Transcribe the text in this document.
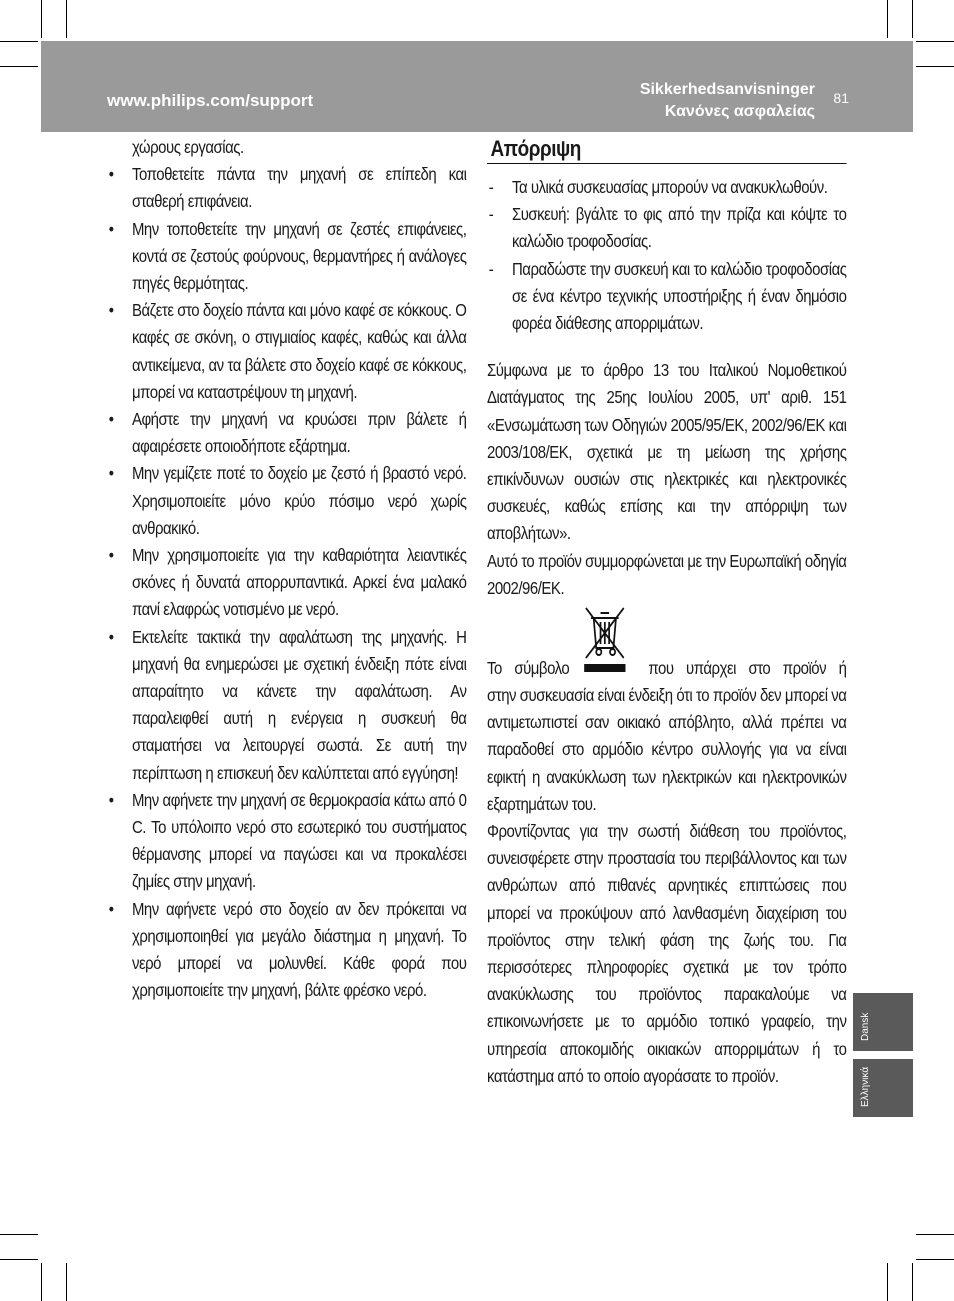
www.philips.com/support
Sikkerhedsanvisninger
Κανόνες ασφαλείας
81
χώρους εργασίας.
• Τοποθετείτε πάντα την μηχανή σε επίπεδη και σταθερή επιφάνεια.
• Μην τοποθετείτε την μηχανή σε ζεστές επιφάνειες, κοντά σε ζεστούς φούρνους, θερμαντήρες ή ανάλογες πηγές θερμότητας.
• Βάζετε στο δοχείο πάντα και μόνο καφέ σε κόκκους. Ο καφές σε σκόνη, ο στιγμιαίος καφές, καθώς και άλλα αντικείμενα, αν τα βάλετε στο δοχείο καφέ σε κόκκους, μπορεί να καταστρέψουν τη μηχανή.
• Αφήστε την μηχανή να κρυώσει πριν βάλετε ή αφαιρέσετε οποιοδήποτε εξάρτημα.
• Μην γεμίζετε ποτέ το δοχείο με ζεστό ή βραστό νερό. Χρησιμοποιείτε μόνο κρύο πόσιμο νερό χωρίς ανθρακικό.
• Μην χρησιμοποιείτε για την καθαριότητα λειαντικές σκόνες ή δυνατά απορρυπαντικά. Αρκεί ένα μαλακό πανί ελαφρώς νοτισμένο με νερό.
• Εκτελείτε τακτικά την αφαλάτωση της μηχανής. Η μηχανή θα ενημερώσει με σχετική ένδειξη πότε είναι απαραίτητο να κάνετε την αφαλάτωση. Αν παραλειφθεί αυτή η ενέργεια η συσκευή θα σταματήσει να λειτουργεί σωστά. Σε αυτή την περίπτωση η επισκευή δεν καλύπτεται από εγγύηση!
• Μην αφήνετε την μηχανή σε θερμοκρασία κάτω από 0 C. Το υπόλοιπο νερό στο εσωτερικό του συστήματος θέρμανσης μπορεί να παγώσει και να προκαλέσει ζημίες στην μηχανή.
• Μην αφήνετε νερό στο δοχείο αν δεν πρόκειται να χρησιμοποιηθεί για μεγάλο διάστημα η μηχανή. Το νερό μπορεί να μολυνθεί. Κάθε φορά που χρησιμοποιείτε την μηχανή, βάλτε φρέσκο νερό.
Απόρριψη
- Τα υλικά συσκευασίας μπορούν να ανακυκλωθούν.
- Συσκευή: βγάλτε το φις από την πρίζα και κόψτε το καλώδιο τροφοδοσίας.
- Παραδώστε την συσκευή και το καλώδιο τροφοδοσίας σε ένα κέντρο τεχνικής υποστήριξης ή έναν δημόσιο φορέα διάθεσης απορριμάτων.

Σύμφωνα με το άρθρο 13 του Ιταλικού Νομοθετικού Διατάγματος της 25ης Ιουλίου 2005, υπ' αριθ. 151 «Ενσωμάτωση των Οδηγιών 2005/95/ΕΚ, 2002/96/ΕΚ και 2003/108/ΕΚ, σχετικά με τη μείωση της χρήσης επικίνδυνων ουσιών στις ηλεκτρικές και ηλεκτρονικές συσκευές, καθώς επίσης και την απόρριψη των αποβλήτων».

Αυτό το προϊόν συμμορφώνεται με την Ευρωπαϊκή οδηγία 2002/96/ΕΚ.

Το σύμβολο	που υπάρχει στο προϊόν ή

στην συσκευασία είναι ένδειξη ότι το προϊόν δεν μπορεί να αντιμετωπιστεί σαν οικιακό απόβλητο, αλλά πρέπει να παραδοθεί στο αρμόδιο κέντρο συλλογής για να είναι εφικτή η ανακύκλωση των ηλεκτρικών και ηλεκτρονικών εξαρτημάτων του.

Φροντίζοντας για την σωστή διάθεση του προϊόντος, συνεισφέρετε στην προστασία του περιβάλλοντος και των ανθρώπων από πιθανές αρνητικές επιπτώσεις που μπορεί να προκύψουν από λανθασμένη διαχείριση του προϊόντος στην τελική φάση της ζωής του. Για περισσότερες πληροφορίες σχετικά με τον τρόπο ανακύκλωσης του προϊόντος παρακαλούμε να επικοινωνήσετε με το αρμόδιο τοπικό γραφείο, την υπηρεσία αποκομιδής οικιακών απορριμάτων ή το κατάστημα από το οποίο αγοράσατε το προϊόν.

Dansk
Ελληνικά
